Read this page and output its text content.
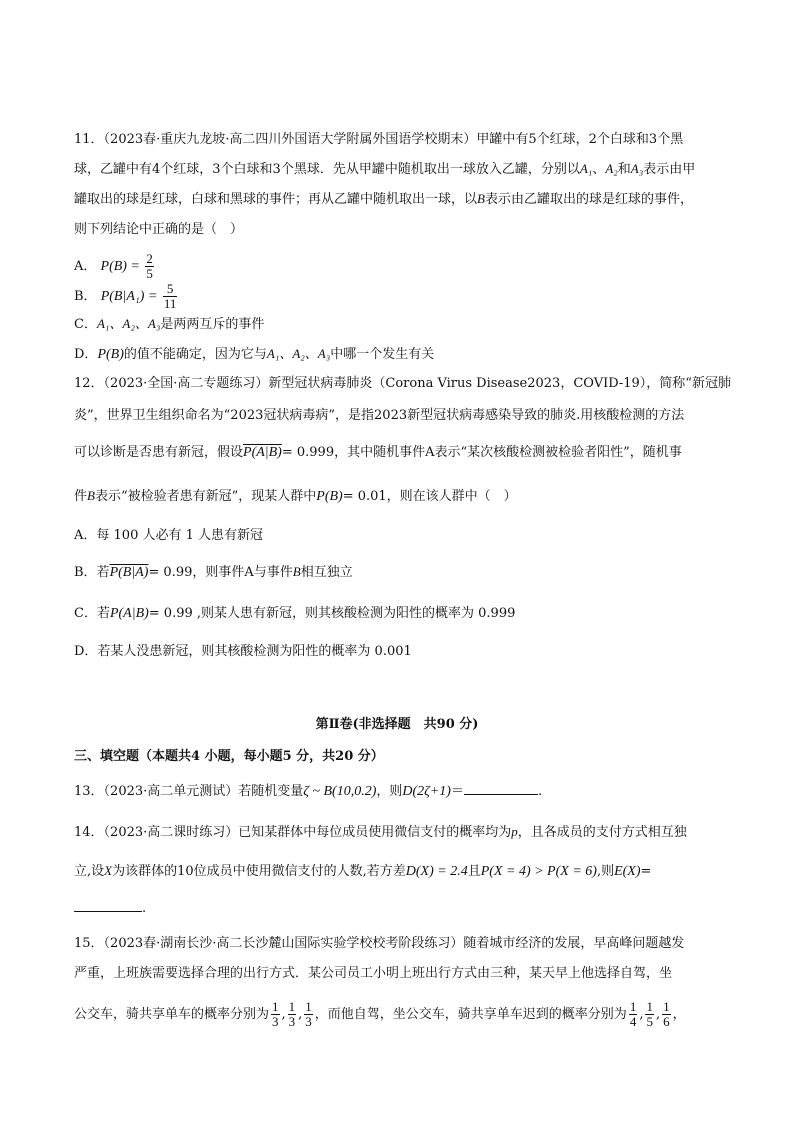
11．（2023春·重庆九龙坡·高二四川外国语大学附属外国语学校期末）甲罐中有5个红球，2个白球和3个黑
球，乙罐中有4个红球，3个白球和3个黑球．先从甲罐中随机取出一球放入乙罐，分别以A₁、A₂和A₃表示由甲
罐取出的球是红球，白球和黑球的事件；再从乙罐中随机取出一球，以B表示由乙罐取出的球是红球的事件，
则下列结论中正确的是（　）
A． $P(B) = \frac{2}{5}$
B． $P(B|A_1) = \frac{5}{11}$
C．A₁、A₂、A₃是两两互斥的事件
D．P(B)的值不能确定，因为它与A₁、A₂、A₃中哪一个发生有关
12．（2023·全国·高二专题练习）新型冠状病毒肺炎（Corona Virus Disease2023，COVID-19），简称“新冠肺
炎”，世界卫生组织命名为“2023冠状病毒病”，是指2023新型冠状病毒感染导致的肺炎.用核酸检测的方法
可以诊断是否患有新冠，假设P(A|B)= 0.999，其中随机事件A表示“某次核酸检测被检验者阳性”，随机事
件B表示“被检验者患有新冠”，现某人群中P(B)= 0.01，则在该人群中（　）
A．每 100 人必有 1 人患有新冠
B．若P(B|A)= 0.99，则事件A与事件B相互独立
C．若P(A|B)= 0.99 ,则某人患有新冠，则其核酸检测为阳性的概率为 0.999
D．若某人没患新冠，则其核酸检测为阳性的概率为 0.001
第Ⅱ卷(非选择题　共90 分)
三、填空题（本题共4 小题，每小题5 分，共20 分）
13．（2023·高二单元测试）若随机变量ζ ~ B(10,0.2)，则D(2ζ+1)＝	.
14．（2023·高二课时练习）已知某群体中每位成员使用微信支付的概率均为p，且各成员的支付方式相互独
立,设X为该群体的10位成员中使用微信支付的人数,若方差D(X) = 2.4且P(X = 4) > P(X = 6),则E(X)=
.
15．（2023春·湖南长沙·高二长沙麓山国际实验学校校考阶段练习）随着城市经济的发展，早高峰问题越发
严重，上班族需要选择合理的出行方式．某公司员工小明上班出行方式由三种，某天早上他选择自驾，坐
公交车，骑共享单车的概率分别为 $\frac{1}{3}$ , $\frac{1}{3}$ , $\frac{1}{3}$ ，而他自驾，坐公交车，骑共享单车迟到的概率分别为 $\frac{1}{4}$ , $\frac{1}{5}$ , $\frac{1}{6}$ ，
